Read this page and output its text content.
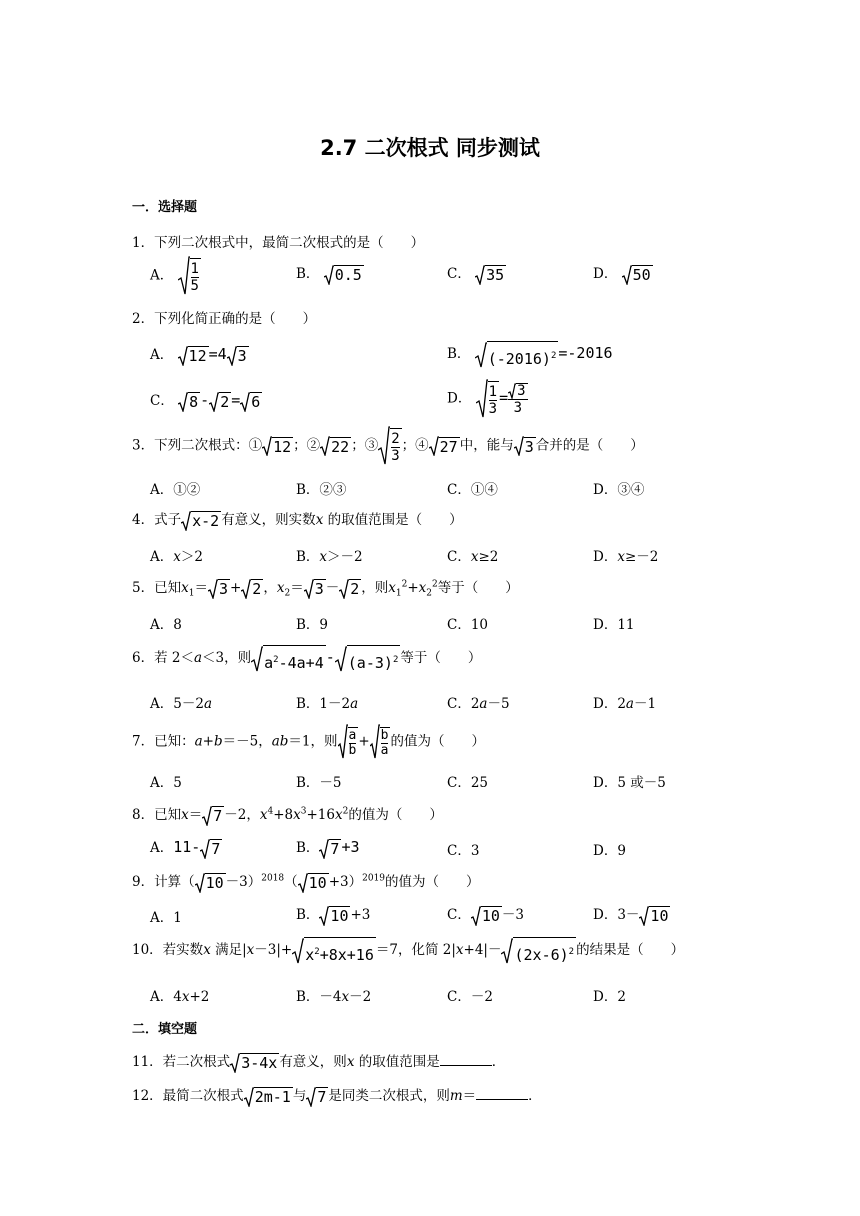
2.7 二次根式 同步测试
一．选择题
1．下列二次根式中，最简二次根式的是（　　）
A． $\frac{1}{5}$	B． 0.5	C． 35	D． 50
2．下列化简正确的是（　　）
A． 12 =4 3	B． $(-2016)^2 =-2016$
C． 8 - 2 = 6	D． $\frac{1}{3} = \frac{3}{3}$
3．下列二次根式：① 12 ；② 22 ；③ $\frac{2}{3}$ ；④ 27 中，能与 3 合并的是（　　）
A．①②	B．②③	C．①④	D．③④
4．式子 x-2 有意义，则实数x 的取值范围是（　　）
A．x＞2	B．x＞－2	C．x≥2	D．x≥－2
5．已知$x_1= 3 + 2$ ，$x_2= 3 - 2$ ，则$x_1^2+x_2^2$等于（　　）
A．8	B．9	C．10	D．11
6．若 2＜a＜3，则 $a^2-4a+4 - (a-3)^2$ 等于（　　）
A．5－2a	B．1－2a	C．2a－5	D．2a－1
7．已知：a+b＝－5，ab＝1，则 $\frac{a}{b} + \frac{b}{a}$ 的值为（　　）
A．5	B．－5	C．25	D．5 或－5
8．已知x＝ 7 －2，$x^4+8x^3+16x^2$的值为（　　）
A．11- 7	B． 7 +3	C．3	D．9
9．计算（ 10 －3）$^{2018}$（ 10 +3）$^{2019}$的值为（　　）
A．1	B． 10 +3	C． 10 －3	D．3－ 10
10．若实数x 满足$|x-3|+ x^2+8x+16 =7$，化简 $2|x+4|- (2x-6)^2$ 的结果是（　　）
A．4x+2	B．－4x－2	C．－2	D．2
二．填空题
11．若二次根式 3-4x 有意义，则x 的取值范围是	．
12．最简二次根式 2m-1 与 7 是同类二次根式，则m＝	．
